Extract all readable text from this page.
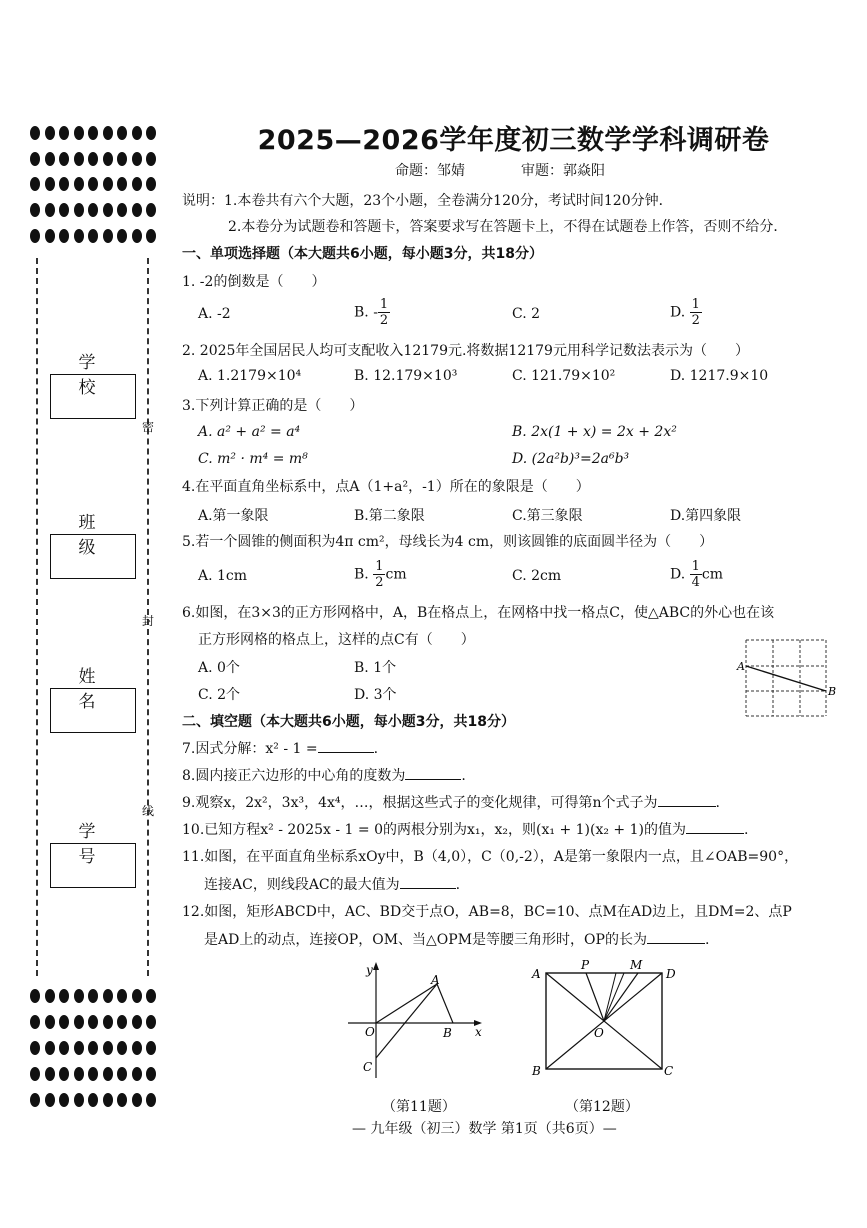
学校
班级
姓名
学号
密
封
线
2025—2026学年度初三数学学科调研卷
命题：邹婧	审题：郭焱阳
说明：1.本卷共有六个大题，23个小题，全卷满分120分，考试时间120分钟．
2.本卷分为试题卷和答题卡，答案要求写在答题卡上，不得在试题卷上作答，否则不给分．
一、单项选择题（本大题共6小题，每小题3分，共18分）
1. -2的倒数是（　　）
A. -2	B. - $\frac{1}{2}$	C. 2	D. $\frac{1}{2}$
2. 2025年全国居民人均可支配收入12179元.将数据12179元用科学记数法表示为（　　）
A. 1.2179×10⁴	B. 12.179×10³	C. 121.79×10²	D. 1217.9×10
3.下列计算正确的是（　　）
A. a² + a² = a⁴	B. 2x(1 + x) = 2x + 2x²
C. m² · m⁴ = m⁸	D. (2a²b)³=2a⁶b³
4.在平面直角坐标系中，点A（1+a²，-1）所在的象限是（　　）
A.第一象限	B.第二象限	C.第三象限	D.第四象限
5.若一个圆锥的侧面积为4π cm²，母线长为4 cm，则该圆锥的底面圆半径为（　　）
A. 1cm	B. $\frac{1}{2}$ cm	C. 2cm	D. $\frac{1}{4}$ cm
6.如图，在3×3的正方形网格中，A，B在格点上，在网格中找一格点C，使△ABC的外心也在该
正方形网格的格点上，这样的点C有（　　）
A. 0个	B. 1个
C. 2个	D. 3个
A
B
二、填空题（本大题共6小题，每小题3分，共18分）
7.因式分解：x² - 1 =	.
8.圆内接正六边形的中心角的度数为	.
9.观察x，2x²，3x³，4x⁴，…，根据这些式子的变化规律，可得第n个式子为	.
10.已知方程x² - 2025x - 1 = 0的两根分别为x₁，x₂，则(x₁ + 1)(x₂ + 1)的值为	.
11.如图，在平面直角坐标系xOy中，B（4,0），C（0,-2），A是第一象限内一点，且∠OAB=90°，
连接AC，则线段AC的最大值为	.
12.如图，矩形ABCD中，AC、BD交于点O，AB=8，BC=10、点M在AD边上，且DM=2、点P
是AD上的动点，连接OP，OM、当△OPM是等腰三角形时，OP的长为	.
y
x
O
A
B
C
（第11题）
A
P	M
D
O
B	C
（第12题）
— 九年级（初三）数学 第1页（共6页）—
